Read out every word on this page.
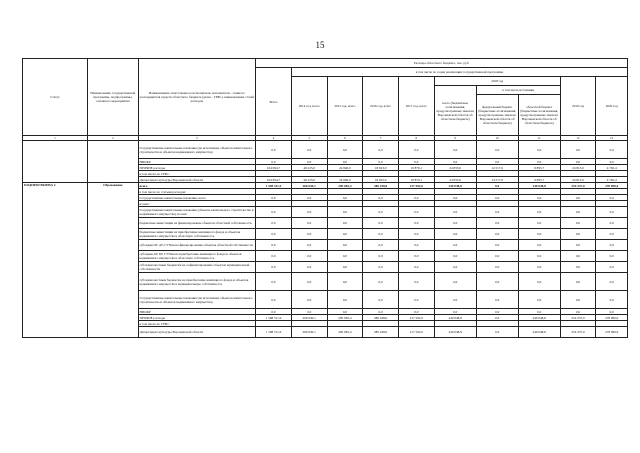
15
Статус	Наименование государственной программы, подпрограммы, основного мероприятия	Наименование ответственного исполнителя, исполнителя - главного распорядителя средств областного бюджета (далее - ГРБС), наименование статей расходов	Расходы областного бюджета, тыс. руб.									
			Всего	в том числе по годам реализации государственной программы								
				2014 год, всего	2015 год, всего	2016 год, всего	2017 год, всего	2018 год			2019 год	2020 год
								всего (бюджетные ассигнования, предусмотренные законом Воронежской области об областном бюджете)	в том числе источники			
									федеральный бюджет (бюджетные ассигнования, предусмотренные законом Воронежской области об областном бюджете)	областной бюджет (бюджетные ассигнования, предусмотренные законом Воронежской области об областном бюджете)		
1	2	3	4	5	6	7	8	9	10	11	12	13
		Государственные капитальные вложения (на исполнение объектов капитального строительства и объектов недвижимого имущества)	0,0	0,0	0,0	0,0	0,0	0,0	0,0	0,0	0,0	0,0
		НИОКР	0,0	0,0	0,0	0,0	0,0	0,0	0,0	0,0	0,0	0,0
		ПРОЧИЕ расходы	164 094,7	46 225,0	24 846,0	18 623,0	19 879,1	24 833,6	14 517,9	9 895,7	24 813,0	4 792,4
		в том числе по ГРБС:										
		Департамент культуры Воронежской области	164 094,7	46 225,0	24 846,0	18 623,0	19 879,1	24 833,6	14 517,9	9 895,7	24 813,0	4 792,4
ПОДПРОГРАММА 2	Образование	всего	1 598 511,9	266 630,1	285 665,4	286 248,0	217 502,6	240 048,8	0,0	240 048,8	254 337,0	278 090,0
		в том числе по статьям расходов:										
		Государственные капитальные вложения, всего	0,0	0,0	0,0	0,0	0,0	0,0	0,0	0,0	0,0	0,0
		из них:										
		Государственные капитальные вложения (объекты капитального строительства и недвижимого имущества), из них:	0,0	0,0	0,0	0,0	0,0	0,0	0,0	0,0	0,0	0,0
		бюджетные инвестиции на финансирование объектов областной собственности	0,0	0,0	0,0	0,0	0,0	0,0	0,0	0,0	0,0	0,0
		бюджетные инвестиции на приобретение жилищного фонда и объектов недвижимого имущества в областную собственность	0,0	0,0	0,0	0,0	0,0	0,0	0,0	0,0	0,0	0,0
		субсидии ОУ АУ, ГУПам на финансирование объектов областной собственности	0,0	0,0	0,0	0,0	0,0	0,0	0,0	0,0	0,0	0,0
		субсидии АУ, БУ, ГУПам на приобретение жилищного фонда и объектов недвижимого имущества в областную собственность	0,0	0,0	0,0	0,0	0,0	0,0	0,0	0,0	0,0	0,0
		субсидии местным бюджетам на софинансирование объектов муниципальной собственности	0,0	0,0	0,0	0,0	0,0	0,0	0,0	0,0	0,0	0,0
		субсидии местным бюджетам на приобретение жилищного фонда и объектов недвижимого имущества в муниципальную собственность	0,0	0,0	0,0	0,0	0,0	0,0	0,0	0,0	0,0	0,0
		Государственные капитальные вложения (на исполнение объектов капитального строительства и объектов недвижимого имущества)	0,0	0,0	0,0	0,0	0,0	0,0	0,0	0,0	0,0	0,0
		НИОКР	0,0	0,0	0,0	0,0	0,0	0,0	0,0	0,0	0,0	0,0
		ПРОЧИЕ расходы	1 598 511,9	266 630,1	285 665,4	286 248,0	217 502,6	240 048,8	0,0	240 048,8	254 337,0	278 090,0
		в том числе по ГРБС:										
		Департамент культуры Воронежской области	1 598 511,9	266 630,1	285 665,4	286 248,0	217 502,6	240 048,8	0,0	240 048,8	254 337,0	278 090,0
